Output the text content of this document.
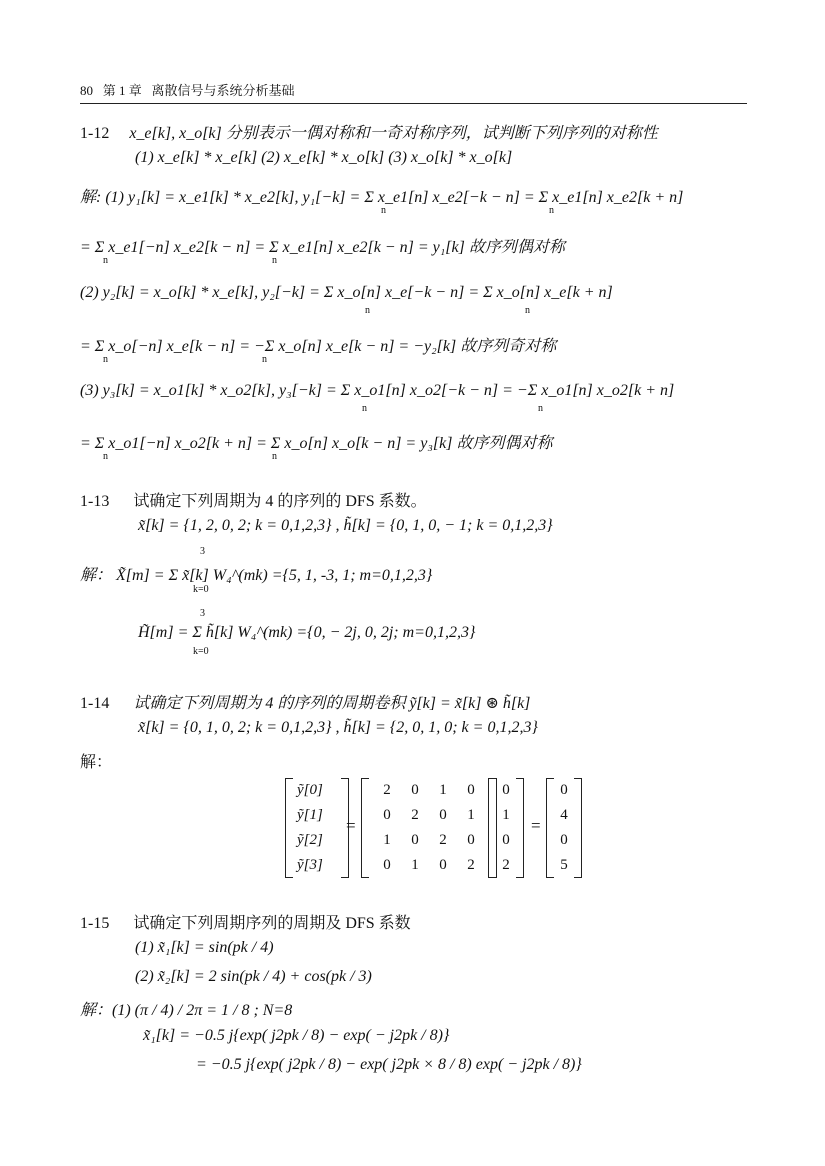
80 第 1 章 离散信号与系统分析基础
1-12 x_e[k], x_o[k] 分别表示一偶对称和一奇对称序列，试判断下列序列的对称性
(1) x_e[k] * x_e[k] (2) x_e[k] * x_o[k] (3) x_o[k] * x_o[k]
解: (1) y₁[k] = x_e1[k] * x_e2[k], y₁[−k] = Σ x_e1[n] x_e2[−k − n] = Σ x_e1[n] x_e2[k + n]
n	n
= Σ x_e1[−n] x_e2[k − n] = Σ x_e1[n] x_e2[k − n] = y₁[k] 故序列偶对称
n	n
(2) y₂[k] = x_o[k] * x_e[k], y₂[−k] = Σ x_o[n] x_e[−k − n] = Σ x_o[n] x_e[k + n]
n	n
= Σ x_o[−n] x_e[k − n] = −Σ x_o[n] x_e[k − n] = −y₂[k] 故序列奇对称
n	n
(3) y₃[k] = x_o1[k] * x_o2[k], y₃[−k] = Σ x_o1[n] x_o2[−k − n] = −Σ x_o1[n] x_o2[k + n]
n	n
= Σ x_o1[−n] x_o2[k + n] = Σ x_o[n] x_o[k − n] = y₃[k] 故序列偶对称
n	n
1-13 试确定下列周期为 4 的序列的 DFS 系数。
x̃[k] = {1, 2, 0, 2; k = 0,1,2,3} , h̃[k] = {0, 1, 0, − 1; k = 0,1,2,3}
3
解： X̃[m] = Σ x̃[k] W₄^(mk) ={5, 1, -3, 1; m=0,1,2,3}
k=0
3
H̃[m] = Σ h̃[k] W₄^(mk) ={0, − 2j, 0, 2j; m=0,1,2,3}
k=0
1-14 试确定下列周期为 4 的序列的周期卷积 ỹ[k] = x̃[k] ⊛ h̃[k]
x̃[k] = {0, 1, 0, 2; k = 0,1,2,3} , h̃[k] = {2, 0, 1, 0; k = 0,1,2,3}
解：
ỹ[0]
ỹ[1]
ỹ[2]
ỹ[3]
=
2	0	1	0
0	2	0	1
1	0	2	0
0	1	0	2
0
1
0
2
=
0
4
0
5
1-15 试确定下列周期序列的周期及 DFS 系数
(1) x̃₁[k] = sin(pk / 4)
(2) x̃₂[k] = 2 sin(pk / 4) + cos(pk / 3)
解：(1) (π / 4) / 2π = 1 / 8 ; N=8
x̃₁[k] = −0.5 j{exp( j2pk / 8) − exp( − j2pk / 8)}
= −0.5 j{exp( j2pk / 8) − exp( j2pk × 8 / 8) exp( − j2pk / 8)}
